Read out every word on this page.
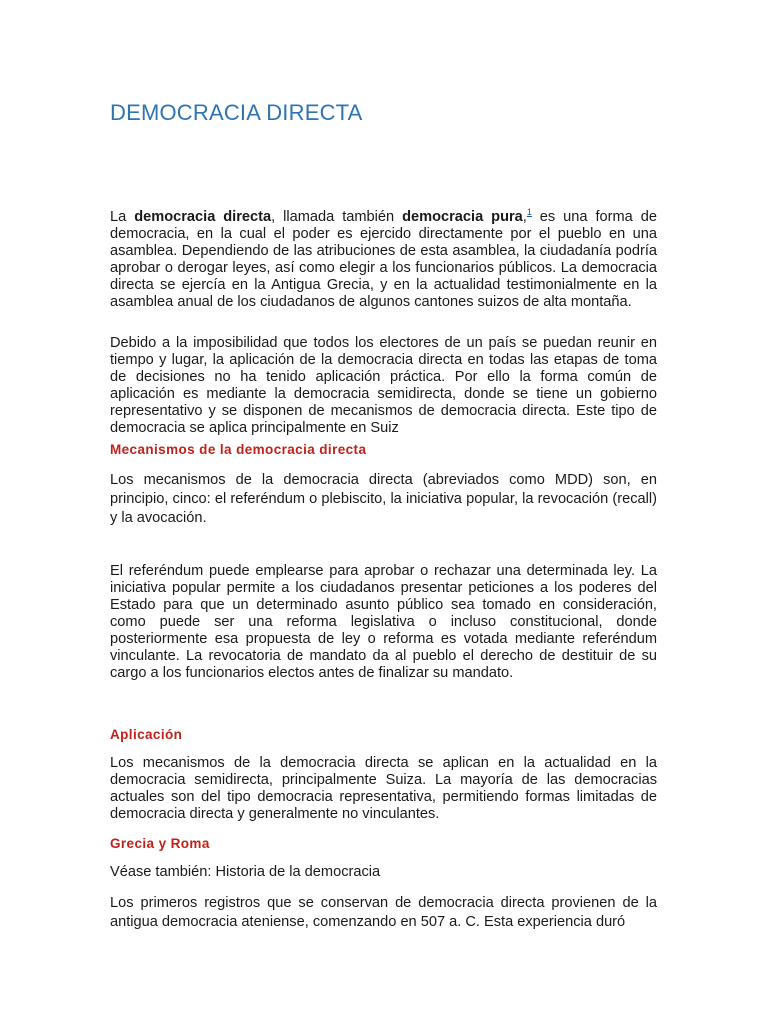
DEMOCRACIA DIRECTA
La democracia directa, llamada también democracia pura,$^1$ es una forma de democracia, en la cual el poder es ejercido directamente por el pueblo en una asamblea. Dependiendo de las atribuciones de esta asamblea, la ciudadanía podría aprobar o derogar leyes, así como elegir a los funcionarios públicos. La democracia directa se ejercía en la Antigua Grecia, y en la actualidad testimonialmente en la asamblea anual de los ciudadanos de algunos cantones suizos de alta montaña.
Debido a la imposibilidad que todos los electores de un país se puedan reunir en tiempo y lugar, la aplicación de la democracia directa en todas las etapas de toma de decisiones no ha tenido aplicación práctica. Por ello la forma común de aplicación es mediante la democracia semidirecta, donde se tiene un gobierno representativo y se disponen de mecanismos de democracia directa. Este tipo de democracia se aplica principalmente en Suiz
Mecanismos de la democracia directa
Los mecanismos de la democracia directa (abreviados como MDD) son, en principio, cinco: el referéndum o plebiscito, la iniciativa popular, la revocación (recall) y la avocación.
El referéndum puede emplearse para aprobar o rechazar una determinada ley. La iniciativa popular permite a los ciudadanos presentar peticiones a los poderes del Estado para que un determinado asunto público sea tomado en consideración, como puede ser una reforma legislativa o incluso constitucional, donde posteriormente esa propuesta de ley o reforma es votada mediante referéndum vinculante. La revocatoria de mandato da al pueblo el derecho de destituir de su cargo a los funcionarios electos antes de finalizar su mandato.
Aplicación
Los mecanismos de la democracia directa se aplican en la actualidad en la democracia semidirecta, principalmente Suiza. La mayoría de las democracias actuales son del tipo democracia representativa, permitiendo formas limitadas de democracia directa y generalmente no vinculantes.
Grecia y Roma
Véase también: Historia de la democracia
Los primeros registros que se conservan de democracia directa provienen de la antigua democracia ateniense, comenzando en 507 a. C. Esta experiencia duró
